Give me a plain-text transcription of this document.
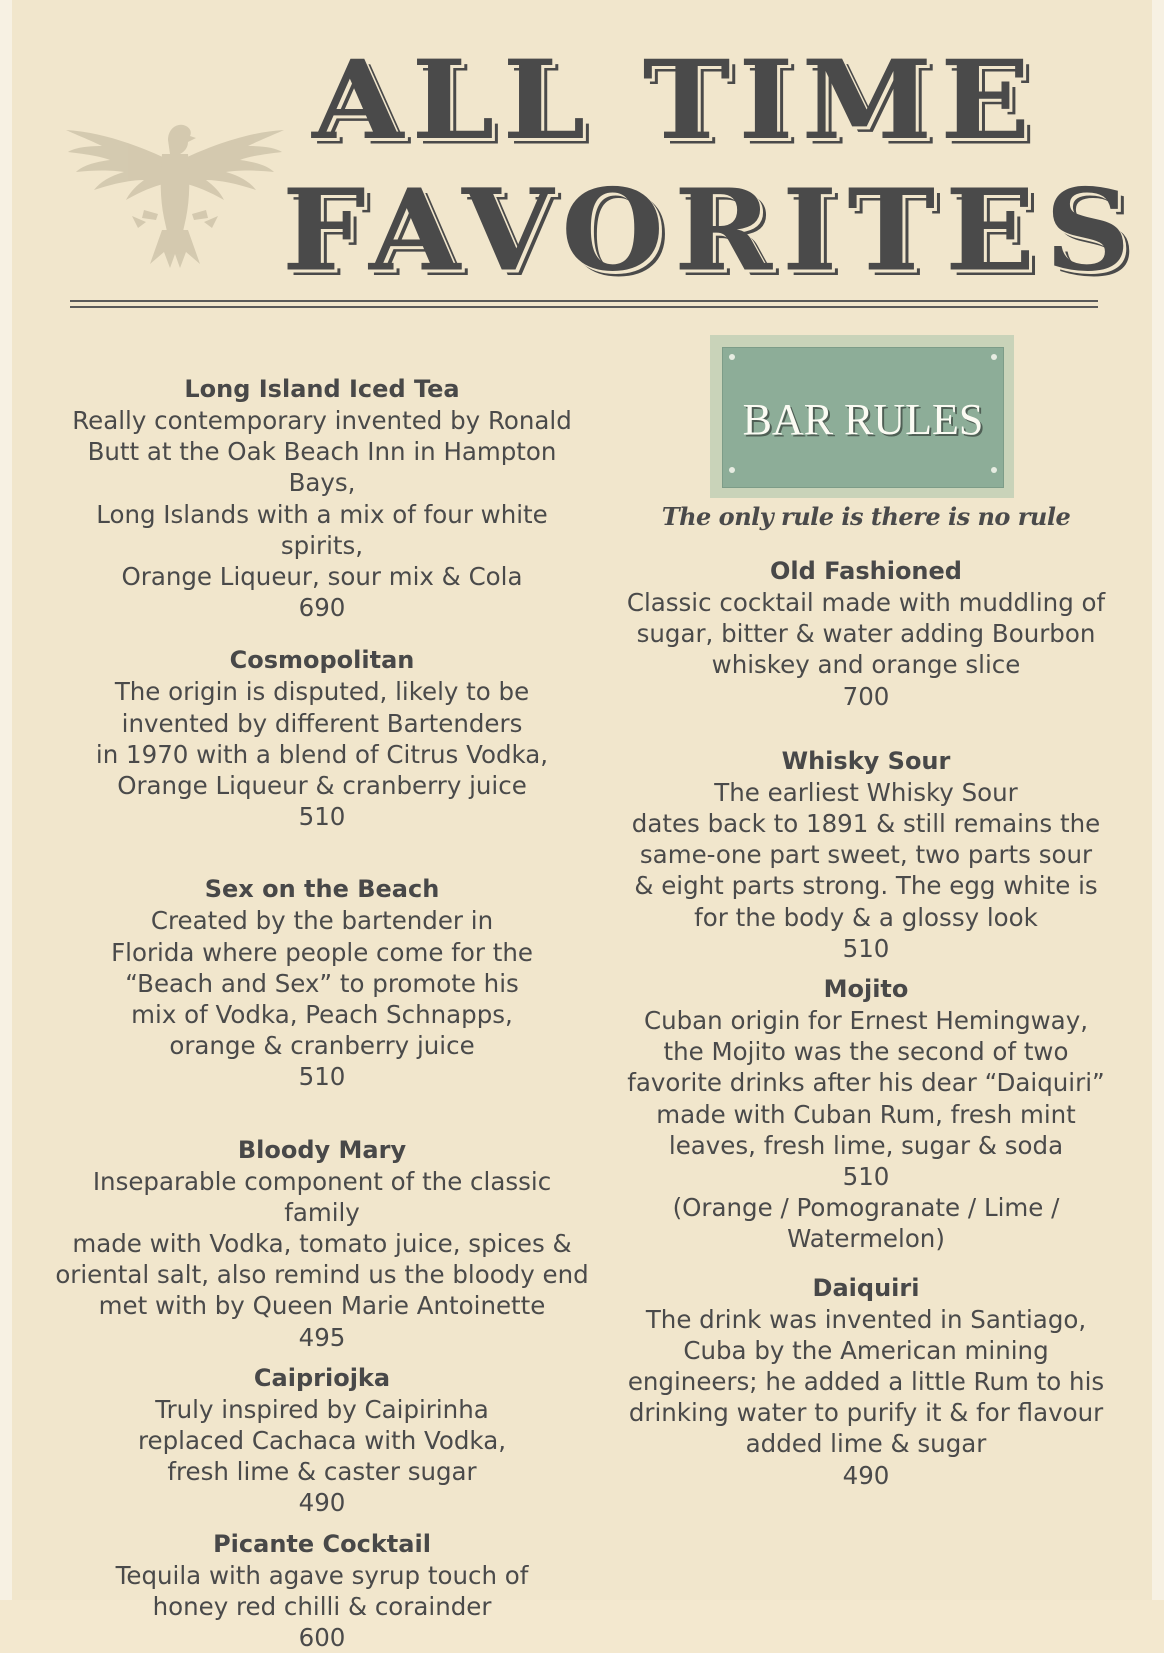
ALL TIME
FAVORITES
Long Island Iced Tea
Really contemporary invented by Ronald
Butt at the Oak Beach Inn in Hampton Bays,
Long Islands with a mix of four white spirits,
Orange Liqueur, sour mix & Cola
690
Cosmopolitan
The origin is disputed, likely to be
invented by different Bartenders
in 1970 with a blend of Citrus Vodka,
Orange Liqueur & cranberry juice
510
Sex on the Beach
Created by the bartender in
Florida where people come for the
“Beach and Sex” to promote his
mix of Vodka, Peach Schnapps,
orange & cranberry juice
510
Bloody Mary
Inseparable component of the classic family
made with Vodka, tomato juice, spices &
oriental salt, also remind us the bloody end
met with by Queen Marie Antoinette
495
Caipriojka
Truly inspired by Caipirinha
replaced Cachaca with Vodka,
fresh lime & caster sugar
490
Picante Cocktail
Tequila with agave syrup touch of
honey red chilli & corainder
600
BAR RULES
The only rule is there is no rule
Old Fashioned
Classic cocktail made with muddling of
sugar, bitter & water adding Bourbon
whiskey and orange slice
700
Whisky Sour
The earliest Whisky Sour
dates back to 1891 & still remains the
same-one part sweet, two parts sour
& eight parts strong. The egg white is
for the body & a glossy look
510
Mojito
Cuban origin for Ernest Hemingway,
the Mojito was the second of two
favorite drinks after his dear “Daiquiri”
made with Cuban Rum, fresh mint
leaves, fresh lime, sugar & soda
510
(Orange / Pomogranate / Lime /
Watermelon)
Daiquiri
The drink was invented in Santiago,
Cuba by the American mining
engineers; he added a little Rum to his
drinking water to purify it & for flavour
added lime & sugar
490
